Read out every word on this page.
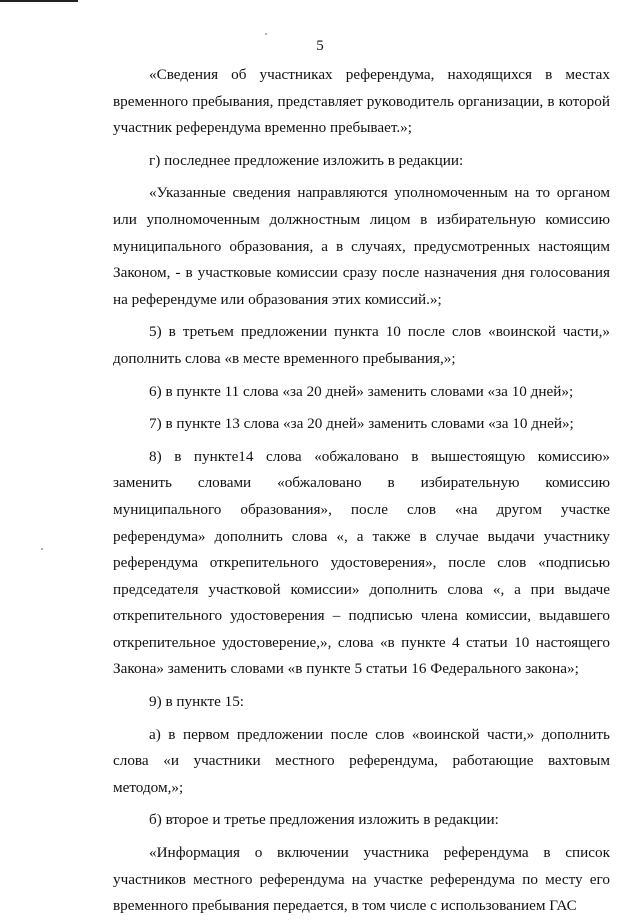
5

«Сведения об участниках референдума, находящихся в местах временного пребывания, представляет руководитель организации, в которой участник референдума временно пребывает.»;

г) последнее предложение изложить в редакции:

«Указанные сведения направляются уполномоченным на то органом или уполномоченным должностным лицом в избирательную комиссию муниципального образования, а в случаях, предусмотренных настоящим Законом, - в участковые комиссии сразу после назначения дня голосования на референдуме или образования этих комиссий.»;

5) в третьем предложении пункта 10 после слов «воинской части,» дополнить слова «в месте временного пребывания,»;

6) в пункте 11 слова «за 20 дней» заменить словами «за 10 дней»;

7) в пункте 13 слова «за 20 дней» заменить словами «за 10 дней»;

8) в пункте14 слова «обжаловано в вышестоящую комиссию» заменить словами «обжаловано в избирательную комиссию муниципального образования», после слов «на другом участке референдума» дополнить слова «, а также в случае выдачи участнику референдума открепительного удостоверения», после слов «подписью председателя участковой комиссии» дополнить слова «, а при выдаче открепительного удостоверения – подписью члена комиссии, выдавшего открепительное удостоверение,», слова «в пункте 4 статьи 10 настоящего Закона» заменить словами «в пункте 5 статьи 16 Федерального закона»;

9) в пункте 15:

а) в первом предложении после слов «воинской части,» дополнить слова «и участники местного референдума, работающие вахтовым методом,»;

б) второе и третье предложения изложить в редакции:

«Информация о включении участника референдума в список участников местного референдума на участке референдума по месту его временного пребывания передается, в том числе с использованием ГАС
